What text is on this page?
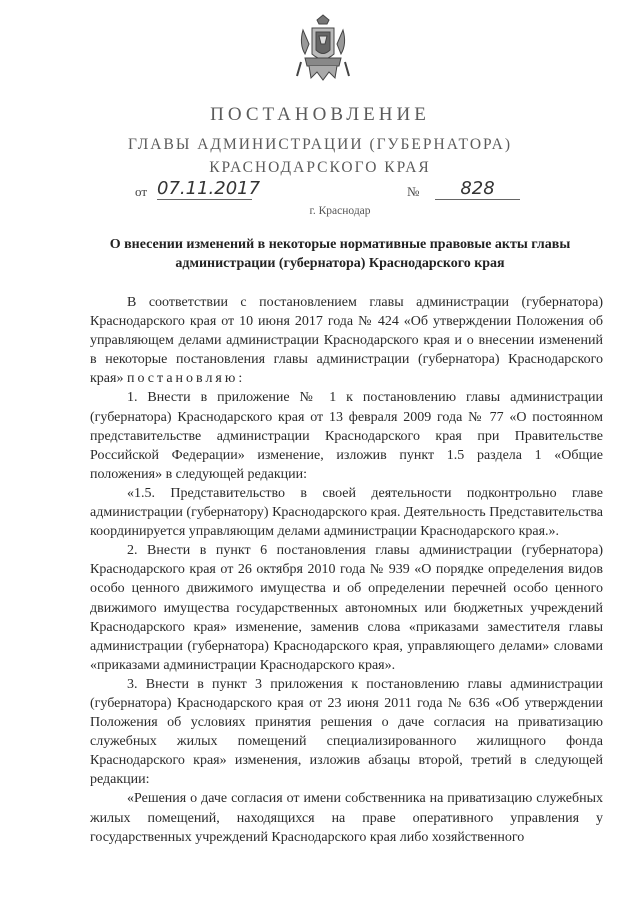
ПОСТАНОВЛЕНИЕ
ГЛАВЫ АДМИНИСТРАЦИИ (ГУБЕРНАТОРА)
КРАСНОДАРСКОГО КРАЯ
от 07.11.2017	№	828
г. Краснодар
О внесении изменений в некоторые нормативные правовые акты главы
администрации (губернатора) Краснодарского края

В соответствии с постановлением главы администрации (губернатора) Краснодарского края от 10 июня 2017 года № 424 «Об утверждении Положения об управляющем делами администрации Краснодарского края и о внесении изменений в некоторые постановления главы администрации (губернатора) Краснодарского края» постановляю:

1. Внести в приложение № 1 к постановлению главы администрации (губернатора) Краснодарского края от 13 февраля 2009 года № 77 «О постоянном представительстве администрации Краснодарского края при Правительстве Российской Федерации» изменение, изложив пункт 1.5 раздела 1 «Общие положения» в следующей редакции:

«1.5. Представительство в своей деятельности подконтрольно главе администрации (губернатору) Краснодарского края. Деятельность Представительства координируется управляющим делами администрации Краснодарского края.».

2. Внести в пункт 6 постановления главы администрации (губернатора) Краснодарского края от 26 октября 2010 года № 939 «О порядке определения видов особо ценного движимого имущества и об определении перечней особо ценного движимого имущества государственных автономных или бюджетных учреждений Краснодарского края» изменение, заменив слова «приказами заместителя главы администрации (губернатора) Краснодарского края, управляющего делами» словами «приказами администрации Краснодарского края».

3. Внести в пункт 3 приложения к постановлению главы администрации (губернатора) Краснодарского края от 23 июня 2011 года № 636 «Об утверждении Положения об условиях принятия решения о даче согласия на приватизацию служебных жилых помещений специализированного жилищного фонда Краснодарского края» изменения, изложив абзацы второй, третий в следующей редакции:

«Решения о даче согласия от имени собственника на приватизацию служебных жилых помещений, находящихся на праве оперативного управления у государственных учреждений Краснодарского края либо хозяйственного
